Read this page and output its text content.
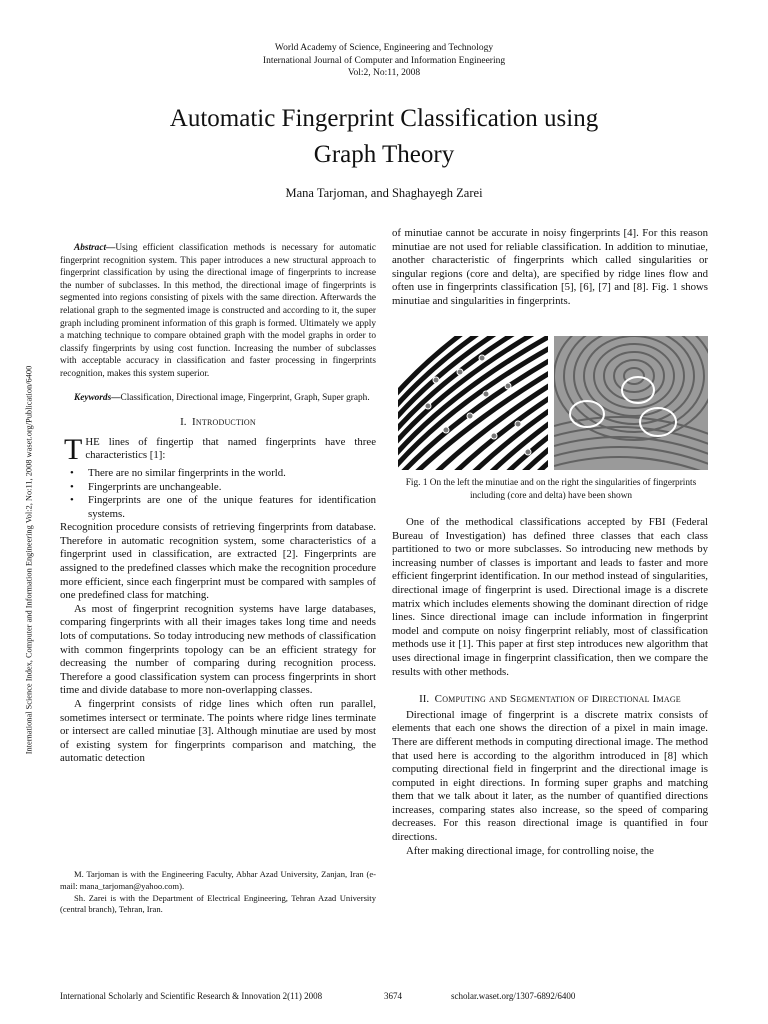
World Academy of Science, Engineering and Technology
International Journal of Computer and Information Engineering
Vol:2, No:11, 2008
Automatic Fingerprint Classification using
Graph Theory
Mana Tarjoman, and Shaghayegh Zarei
International Science Index, Computer and Information Engineering Vol:2, No:11, 2008 waset.org/Publication/6400

Abstract—Using efficient classification methods is necessary for automatic fingerprint recognition system. This paper introduces a new structural approach to fingerprint classification by using the directional image of fingerprints to increase the number of subclasses. In this method, the directional image of fingerprints is segmented into regions consisting of pixels with the same direction. Afterwards the relational graph to the segmented image is constructed and according to it, the super graph including prominent information of this graph is formed. Ultimately we apply a matching technique to compare obtained graph with the model graphs in order to classify fingerprints by using cost function. Increasing the number of subclasses with acceptable accuracy in classification and faster processing in fingerprints recognition, makes this system superior.

Keywords—Classification, Directional image, Fingerprint, Graph, Super graph.

I. Introduction

THE lines of fingertip that named fingerprints have three characteristics [1]:

• There are no similar fingerprints in the world.
• Fingerprints are unchangeable.
• Fingerprints are one of the unique features for identification systems.

Recognition procedure consists of retrieving fingerprints from database. Therefore in automatic recognition system, some characteristics of a fingerprint used in classification, are extracted [2]. Fingerprints are assigned to the predefined classes which make the recognition procedure more efficient, since each fingerprint must be compared with samples of one predefined class for matching.

As most of fingerprint recognition systems have large databases, comparing fingerprints with all their images takes long time and needs lots of computations. So today introducing new methods of classification with common fingerprints topology can be an efficient strategy for decreasing the number of comparing during recognition process. Therefore a good classification system can process fingerprints in short time and divide database to more non-overlapping classes.

A fingerprint consists of ridge lines which often run parallel, sometimes intersect or terminate. The points where ridge lines terminate or intersect are called minutiae [3]. Although minutiae are used by most of existing system for fingerprints comparison and matching, the automatic detection

M. Tarjoman is with the Engineering Faculty, Abhar Azad University, Zanjan, Iran (e-mail: mana_tarjoman@yahoo.com).

Sh. Zarei is with the Department of Electrical Engineering, Tehran Azad University (central branch), Tehran, Iran.

of minutiae cannot be accurate in noisy fingerprints [4]. For this reason minutiae are not used for reliable classification. In addition to minutiae, another characteristic of fingerprints which called singularities or singular regions (core and delta), are specified by ridge lines flow and often use in fingerprints classification [5], [6], [7] and [8]. Fig. 1 shows minutiae and singularities in fingerprints.

Fig. 1 On the left the minutiae and on the right the singularities of fingerprints including (core and delta) have been shown

One of the methodical classifications accepted by FBI (Federal Bureau of Investigation) has defined three classes that each class partitioned to two or more subclasses. So introducing new methods by increasing number of classes is important and leads to faster and more efficient fingerprint identification. In our method instead of singularities, directional image of fingerprint is used. Directional image is a discrete matrix which includes elements showing the dominant direction of ridge lines. Since directional image can include information in fingerprint model and compute on noisy fingerprint reliably, most of classification methods use it [1]. This paper at first step introduces new algorithm that uses directional image in fingerprint classification, then we compare the results with other methods.

II. Computing and Segmentation of Directional Image

Directional image of fingerprint is a discrete matrix consists of elements that each one shows the direction of a pixel in main image. There are different methods in computing directional image. The method that used here is according to the algorithm introduced in [8] which computing directional field in fingerprint and the directional image is computed in eight directions. In forming super graphs and matching them that we talk about it later, as the number of quantified directions increases, comparing states also increase, so the speed of comparing decreases. For this reason directional image is quantified in four directions.

After making directional image, for controlling noise, the

International Scholarly and Scientific Research & Innovation 2(11) 2008	3674	scholar.waset.org/1307-6892/6400
